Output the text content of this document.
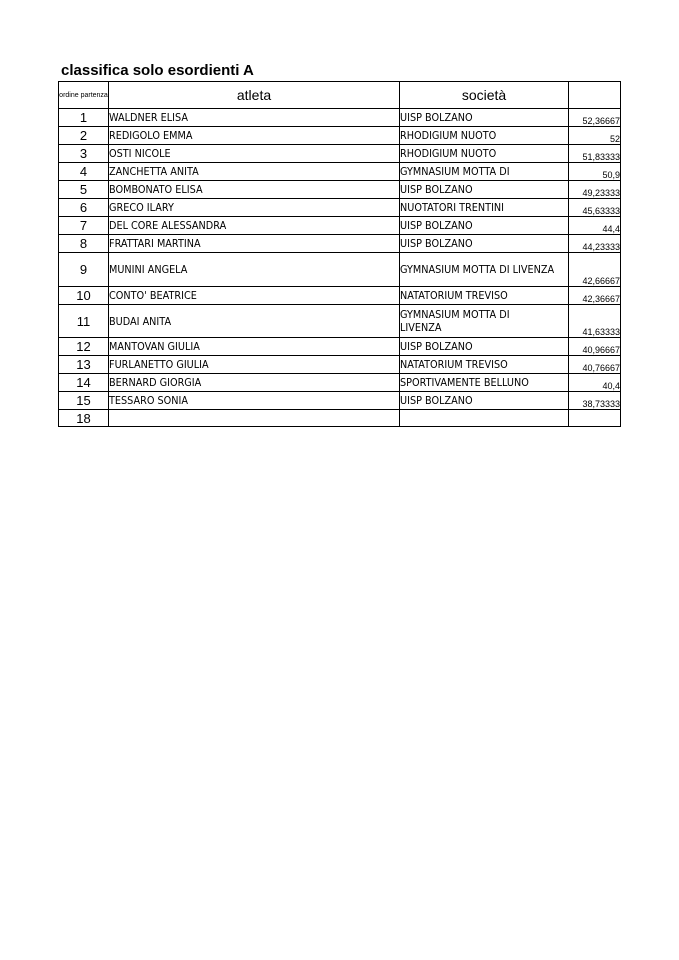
classifica solo esordienti A
ordine partenza	atleta	società	
1	WALDNER ELISA	UISP BOLZANO	52,36667
2	REDIGOLO EMMA	RHODIGIUM NUOTO	52
3	OSTI NICOLE	RHODIGIUM NUOTO	51,83333
4	ZANCHETTA ANITA	GYMNASIUM MOTTA DI	50,9
5	BOMBONATO ELISA	UISP BOLZANO	49,23333
6	GRECO ILARY	NUOTATORI TRENTINI	45,63333
7	DEL CORE ALESSANDRA	UISP BOLZANO	44,4
8	FRATTARI MARTINA	UISP BOLZANO	44,23333
9	MUNINI ANGELA	GYMNASIUM MOTTA DI LIVENZA	42,66667
10	CONTO' BEATRICE	NATATORIUM TREVISO	42,36667
11	BUDAI ANITA	GYMNASIUM MOTTA DI LIVENZA	41,63333
12	MANTOVAN GIULIA	UISP BOLZANO	40,96667
13	FURLANETTO GIULIA	NATATORIUM TREVISO	40,76667
14	BERNARD GIORGIA	SPORTIVAMENTE BELLUNO	40,4
15	TESSARO SONIA	UISP BOLZANO	38,73333
18			
